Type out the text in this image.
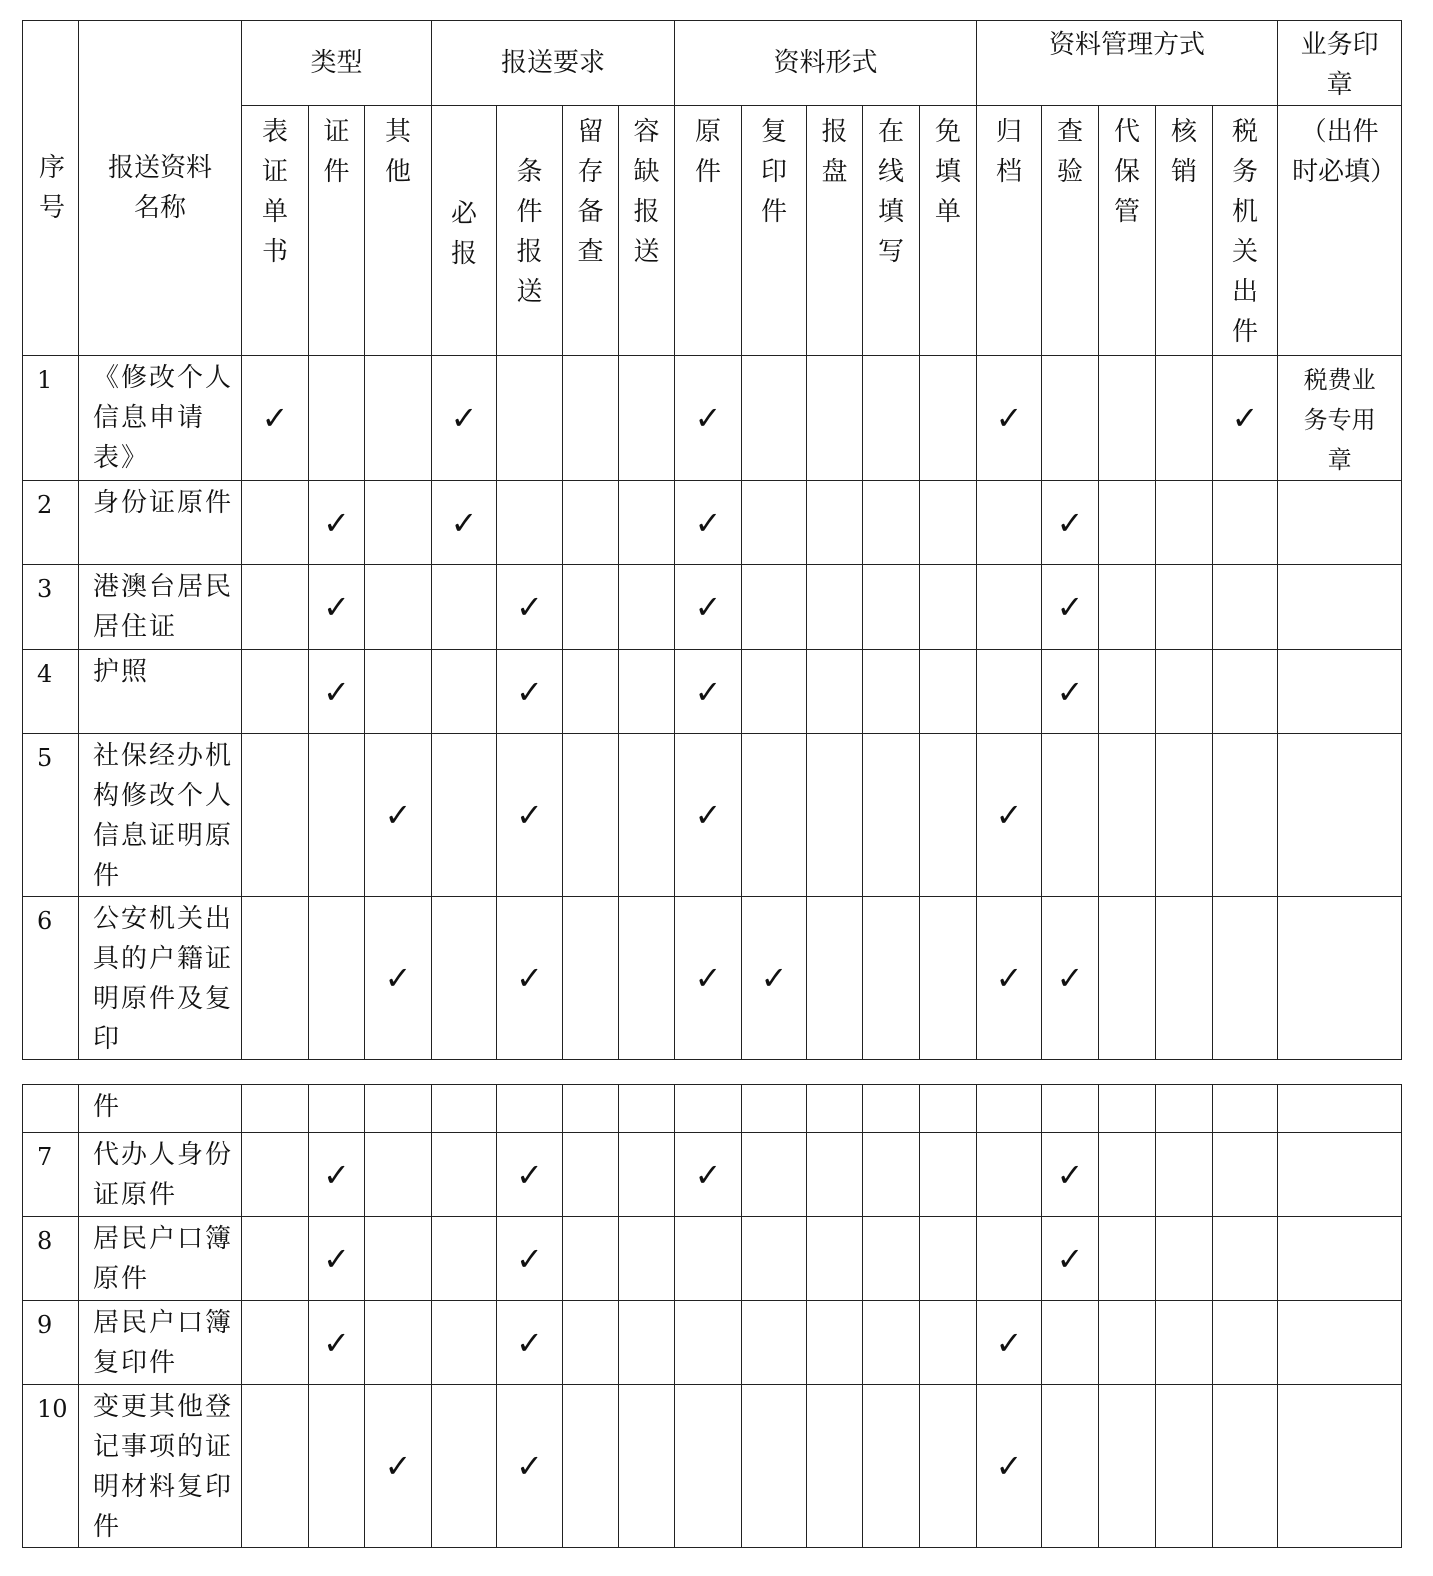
序号	报送资料名称	类型			报送要求				资料形式					资料管理方式					业务印章
		表证单书	证件	其他	必报	条件报送	留存备查	容缺报送	原件	复印件	报盘	在线填写	免填单	归档	查验	代保管	核销	税务机关出件	（出件时必填）
1	《修改个人信息申请表》	✓			✓				✓					✓				✓	税费业务专用章
2	身份证原件		✓		✓				✓						✓				
3	港澳台居民居住证		✓			✓			✓						✓				
4	护照		✓			✓			✓						✓				
5	社保经办机构修改个人信息证明原件			✓		✓			✓					✓					
6	公安机关出具的户籍证明原件及复印			✓		✓			✓	✓				✓	✓				
	件																		
7	代办人身份证原件		✓			✓			✓						✓				
8	居民户口簿原件		✓			✓									✓				
9	居民户口簿复印件		✓			✓								✓					
10	变更其他登记事项的证明材料复印件			✓		✓								✓					
